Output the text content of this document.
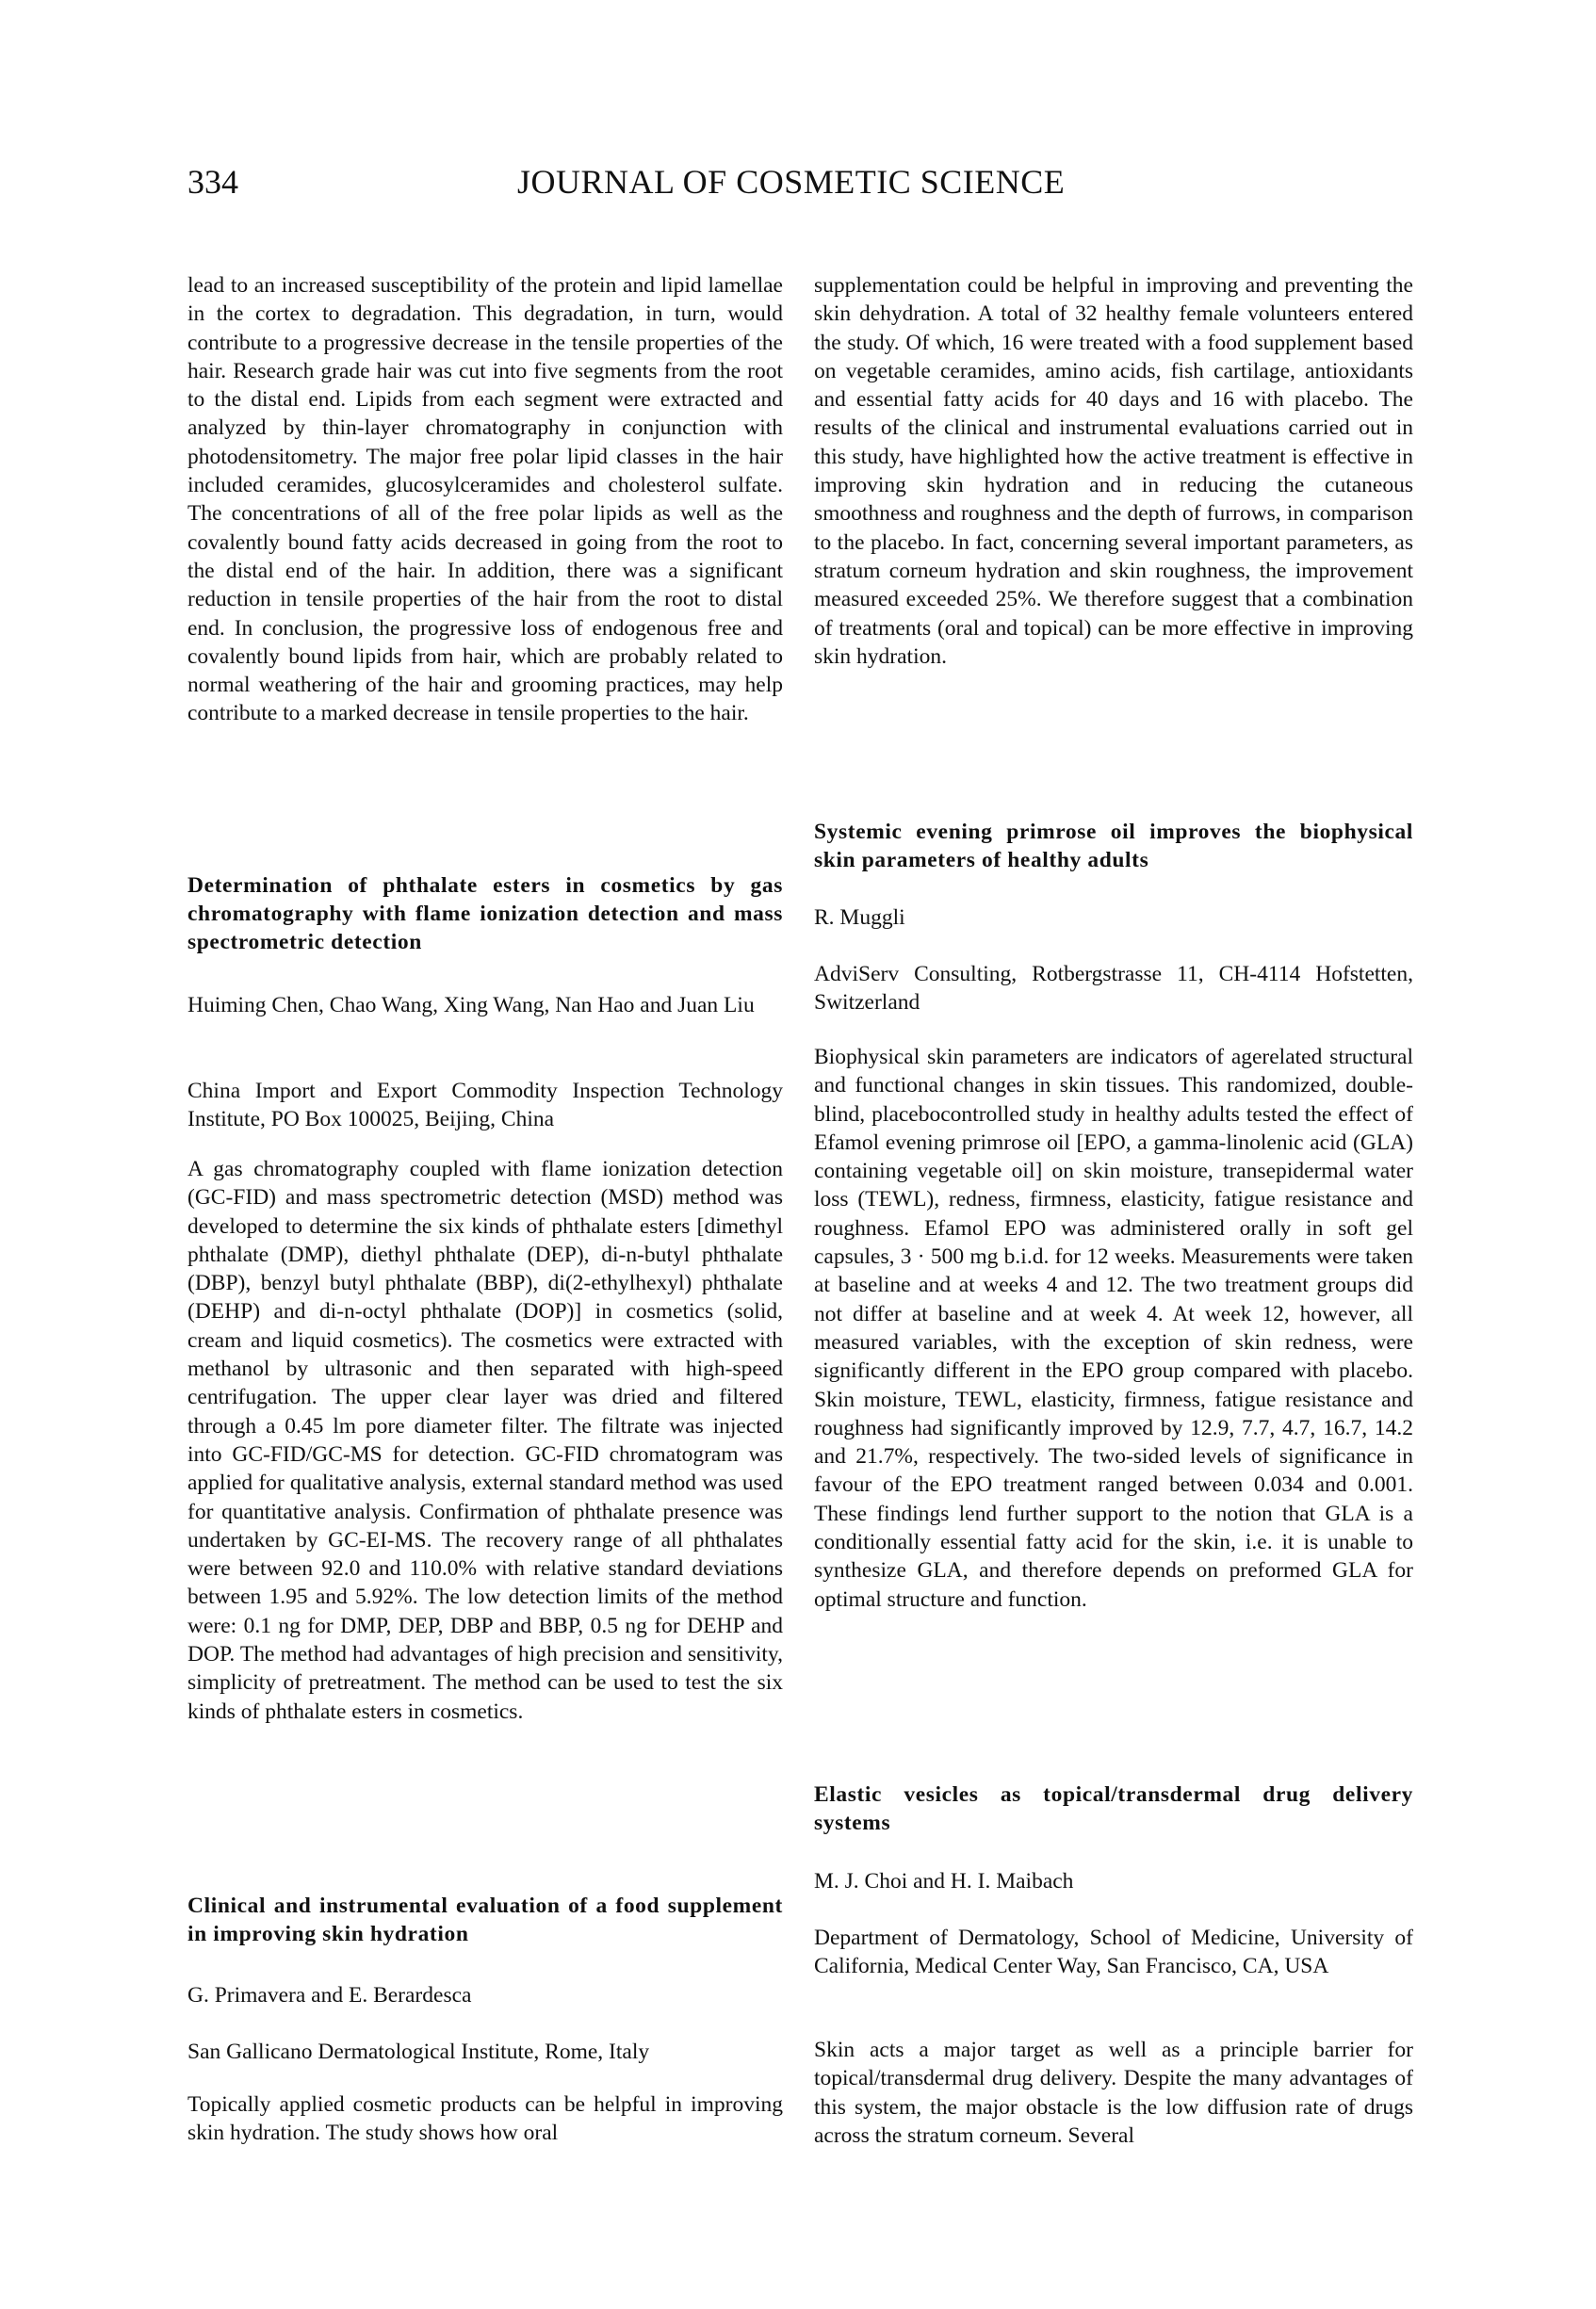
334	JOURNAL OF COSMETIC SCIENCE
lead to an increased susceptibility of the protein and lipid lamellae in the cortex to degradation. This degradation, in turn, would contribute to a progressive decrease in the tensile properties of the hair. Research grade hair was cut into five segments from the root to the distal end. Lipids from each segment were extracted and analyzed by thin-layer chromatography in conjunction with photodensitometry. The major free polar lipid classes in the hair included ceramides, glucosylceramides and cholesterol sulfate. The concentrations of all of the free polar lipids as well as the covalently bound fatty acids decreased in going from the root to the distal end of the hair. In addition, there was a significant reduction in tensile properties of the hair from the root to distal end. In conclusion, the progressive loss of endogenous free and covalently bound lipids from hair, which are probably related to normal weathering of the hair and grooming practices, may help contribute to a marked decrease in tensile properties to the hair.
Determination of phthalate esters in cosmetics by gas chromatography with flame ionization detection and mass spectrometric detection
Huiming Chen, Chao Wang, Xing Wang, Nan Hao and Juan Liu
China Import and Export Commodity Inspection Technology Institute, PO Box 100025, Beijing, China
A gas chromatography coupled with flame ionization detection (GC-FID) and mass spectrometric detection (MSD) method was developed to determine the six kinds of phthalate esters [dimethyl phthalate (DMP), diethyl phthalate (DEP), di-n-butyl phthalate (DBP), benzyl butyl phthalate (BBP), di(2-ethylhexyl) phthalate (DEHP) and di-n-octyl phthalate (DOP)] in cosmetics (solid, cream and liquid cosmetics). The cosmetics were extracted with methanol by ultrasonic and then separated with high-speed centrifugation. The upper clear layer was dried and filtered through a 0.45 lm pore diameter filter. The filtrate was injected into GC-FID/GC-MS for detection. GC-FID chromatogram was applied for qualitative analysis, external standard method was used for quantitative analysis. Confirmation of phthalate presence was undertaken by GC-EI-MS. The recovery range of all phthalates were between 92.0 and 110.0% with relative standard deviations between 1.95 and 5.92%. The low detection limits of the method were: 0.1 ng for DMP, DEP, DBP and BBP, 0.5 ng for DEHP and DOP. The method had advantages of high precision and sensitivity, simplicity of pretreatment. The method can be used to test the six kinds of phthalate esters in cosmetics.
Clinical and instrumental evaluation of a food supplement in improving skin hydration
G. Primavera and E. Berardesca
San Gallicano Dermatological Institute, Rome, Italy
Topically applied cosmetic products can be helpful in improving skin hydration. The study shows how oral
supplementation could be helpful in improving and preventing the skin dehydration. A total of 32 healthy female volunteers entered the study. Of which, 16 were treated with a food supplement based on vegetable ceramides, amino acids, fish cartilage, antioxidants and essential fatty acids for 40 days and 16 with placebo. The results of the clinical and instrumental evaluations carried out in this study, have highlighted how the active treatment is effective in improving skin hydration and in reducing the cutaneous smoothness and roughness and the depth of furrows, in comparison to the placebo. In fact, concerning several important parameters, as stratum corneum hydration and skin roughness, the improvement measured exceeded 25%. We therefore suggest that a combination of treatments (oral and topical) can be more effective in improving skin hydration.
Systemic evening primrose oil improves the biophysical skin parameters of healthy adults
R. Muggli
AdviServ Consulting, Rotbergstrasse 11, CH-4114 Hofstetten, Switzerland
Biophysical skin parameters are indicators of agerelated structural and functional changes in skin tissues. This randomized, double-blind, placebocontrolled study in healthy adults tested the effect of Efamol evening primrose oil [EPO, a gamma-linolenic acid (GLA) containing vegetable oil] on skin moisture, transepidermal water loss (TEWL), redness, firmness, elasticity, fatigue resistance and roughness. Efamol EPO was administered orally in soft gel capsules, 3 · 500 mg b.i.d. for 12 weeks. Measurements were taken at baseline and at weeks 4 and 12. The two treatment groups did not differ at baseline and at week 4. At week 12, however, all measured variables, with the exception of skin redness, were significantly different in the EPO group compared with placebo. Skin moisture, TEWL, elasticity, firmness, fatigue resistance and roughness had significantly improved by 12.9, 7.7, 4.7, 16.7, 14.2 and 21.7%, respectively. The two-sided levels of significance in favour of the EPO treatment ranged between 0.034 and 0.001. These findings lend further support to the notion that GLA is a conditionally essential fatty acid for the skin, i.e. it is unable to synthesize GLA, and therefore depends on preformed GLA for optimal structure and function.
Elastic vesicles as topical/transdermal drug delivery systems
M. J. Choi and H. I. Maibach
Department of Dermatology, School of Medicine, University of California, Medical Center Way, San Francisco, CA, USA
Skin acts a major target as well as a principle barrier for topical/transdermal drug delivery. Despite the many advantages of this system, the major obstacle is the low diffusion rate of drugs across the stratum corneum. Several
